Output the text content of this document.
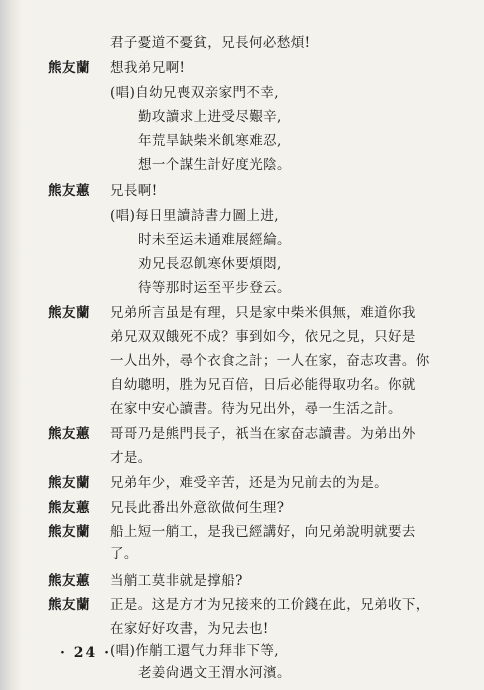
君子憂道不憂貧，兄長何必愁煩!
熊友蘭	想我弟兄啊!
(唱)自幼兄喪双亲家門不幸,
勤攻讀求上进受尽艱辛,
年荒旱缺柴米飢寒难忍,
想一个謀生計好度光陰。
熊友蕙	兄長啊!
(唱)每日里讀詩書力圖上进,
时未至运未通难展經綸。
劝兄長忍飢寒休要煩悶,
待等那时运至平步登云。
熊友蘭	兄弟所言虽是有理，只是家中柴米俱無，难道你我
弟兄双双餓死不成？事到如今，依兄之見，只好是
一人出外，尋个衣食之計；一人在家，奋志攻書。你
自幼聰明，胜为兄百倍，日后必能得取功名。你就
在家中安心讀書。待为兄出外，尋一生活之計。
熊友蕙	哥哥乃是熊門長子，祇当在家奋志讀書。为弟出外
才是。
熊友蘭	兄弟年少，难受辛苦，还是为兄前去的为是。
熊友蕙	兄長此番出外意欲做何生理?
熊友蘭	船上短一艄工，是我已經講好，向兄弟說明就要去
了。
熊友蕙	当艄工莫非就是撑船?
熊友蘭	正是。这是方才为兄接来的工价錢在此，兄弟收下，
在家好好攻書，为兄去也!
(唱)作艄工還气力拜非下等,
老姜尙遇文王渭水河濱。
· 24 ·
